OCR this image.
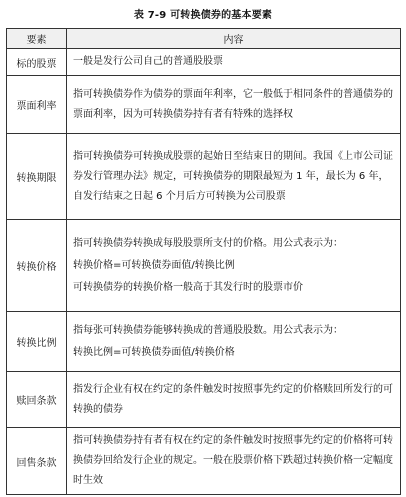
表 7-9 可转换债券的基本要素
要素	内容
标的股票	一般是发行公司自己的普通股股票

票面利率	指可转换债券作为债券的票面年利率，它一般低于相同条件的普通债券的票面利率，因为可转换债券持有者有特殊的选择权

转换期限	指可转换债券可转换成股票的起始日至结束日的期间。我国《上市公司证券发行管理办法》规定，可转换债券的期限最短为 1 年，最长为 6 年，自发行结束之日起 6 个月后方可转换为公司股票

转换价格	指可转换债券转换成每股股票所支付的价格。用公式表示为：

转换价格=可转换债券面值/转换比例

可转换债券的转换价格一般高于其发行时的股票市价

转换比例	指每张可转换债券能够转换成的普通股股数。用公式表示为：

转换比例=可转换债券面值/转换价格

赎回条款	指发行企业有权在约定的条件触发时按照事先约定的价格赎回所发行的可转换的债券

回售条款	指可转换债券持有者有权在约定的条件触发时按照事先约定的价格将可转换债券回给发行企业的规定。一般在股票价格下跌超过转换价格一定幅度时生效
